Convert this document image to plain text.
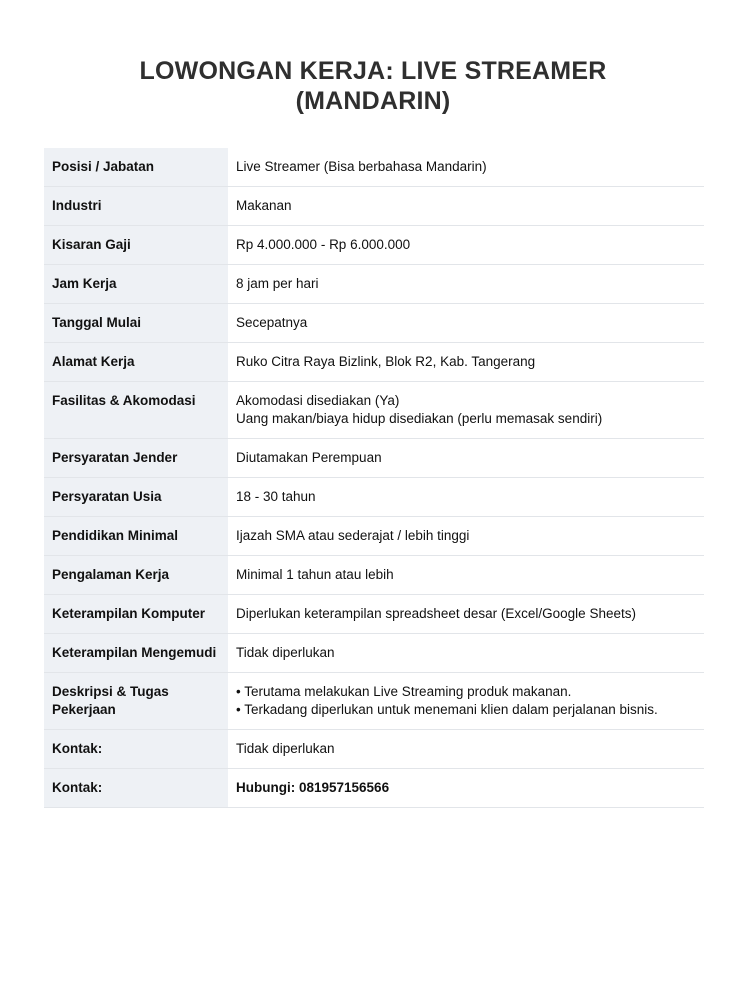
LOWONGAN KERJA: LIVE STREAMER
(MANDARIN)
Posisi / Jabatan	Live Streamer (Bisa berbahasa Mandarin)

Industri	Makanan

Kisaran Gaji	Rp 4.000.000 - Rp 6.000.000

Jam Kerja	8 jam per hari

Tanggal Mulai	Secepatnya

Alamat Kerja	Ruko Citra Raya Bizlink, Blok R2, Kab. Tangerang

Fasilitas & Akomodasi	Akomodasi disediakan (Ya)
Uang makan/biaya hidup disediakan (perlu memasak sendiri)

Persyaratan Jender	Diutamakan Perempuan

Persyaratan Usia	18 - 30 tahun

Pendidikan Minimal	Ijazah SMA atau sederajat / lebih tinggi

Pengalaman Kerja	Minimal 1 tahun atau lebih

Keterampilan Komputer	Diperlukan keterampilan spreadsheet desar (Excel/Google Sheets)

Keterampilan Mengemudi	Tidak diperlukan

Deskripsi & Tugas Pekerjaan	• Terutama melakukan Live Streaming produk makanan.
• Terkadang diperlukan untuk menemani klien dalam perjalanan bisnis.

Kontak:	Tidak diperlukan

Kontak:	Hubungi: 081957156566
